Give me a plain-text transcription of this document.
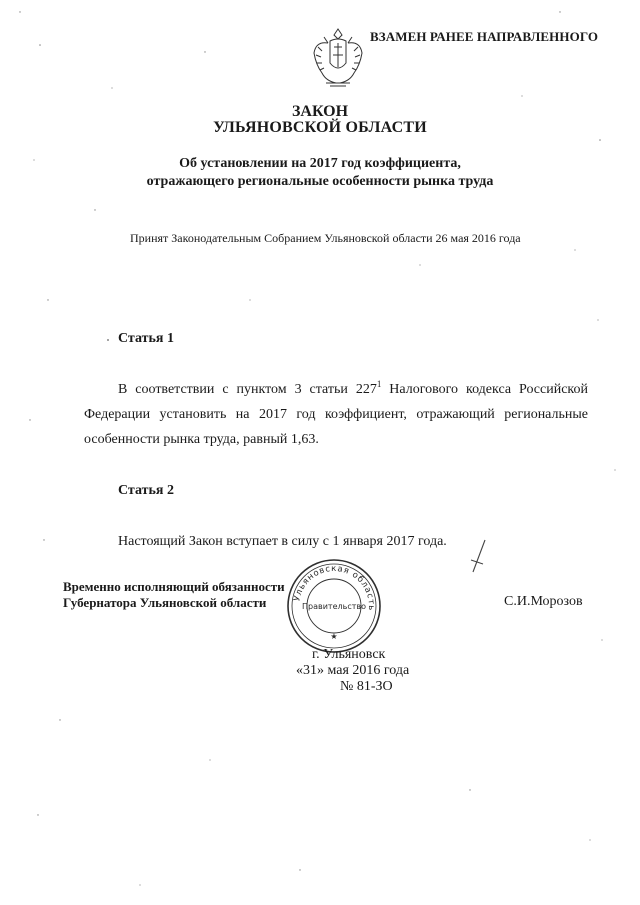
ВЗАМЕН РАНЕЕ НАПРАВЛЕННОГО
ЗАКОН
УЛЬЯНОВСКОЙ ОБЛАСТИ
Об установлении на 2017 год коэффициента,
отражающего региональные особенности рынка труда
Принят Законодательным Собранием Ульяновской области 26 мая 2016 года
Статья 1

В соответствии с пунктом 3 статьи $227^1$ Налогового кодекса Российской Федерации установить на 2017 год коэффициент, отражающий региональные особенности рынка труда, равный 1,63.

Статья 2

Настоящий Закон вступает в силу с 1 января 2017 года.

Временно исполняющий обязанности
Губернатора Ульяновской области	С.И.Морозов
Ульяновская область
Правительство
★
г. Ульяновск
«31» мая 2016 года
№ 81-ЗО
